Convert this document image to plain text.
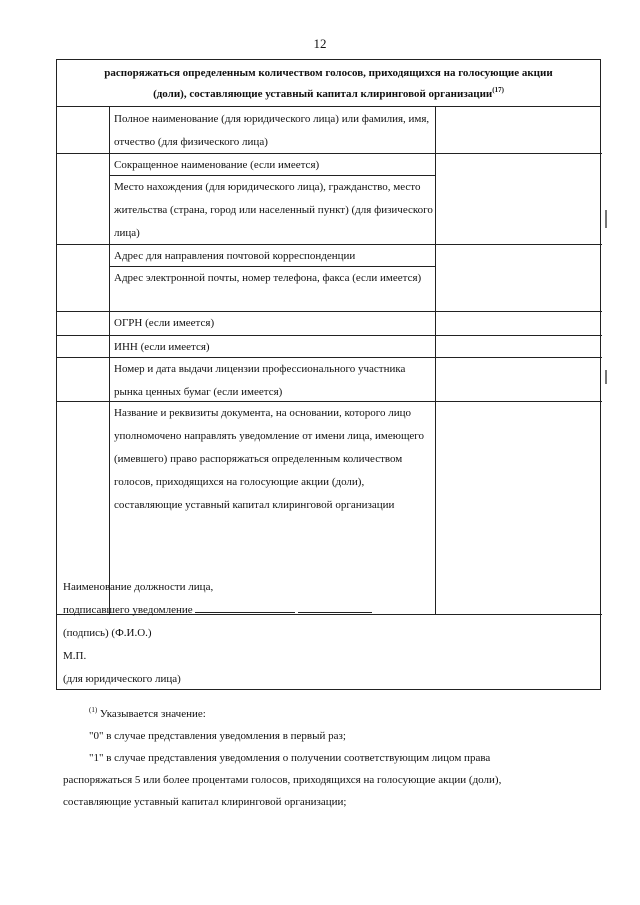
12
распоряжаться определенным количеством голосов, приходящихся на голосующие акции
(доли), составляющие уставный капитал клиринговой организации$^{(17)}$

Полное наименование (для юридического лица) или фамилия, имя, отчество (для физического лица)

Сокращенное наименование (если имеется)

Место нахождения (для юридического лица), гражданство, место жительства (страна, город или населенный пункт) (для физического лица)

Адрес для направления почтовой корреспонденции

Адрес электронной почты, номер телефона, факса (если имеется)

ОГРН (если имеется)

ИНН (если имеется)

Номер и дата выдачи лицензии профессионального участника рынка ценных бумаг (если имеется)

Название и реквизиты документа, на основании, которого лицо уполномочено направлять уведомление от имени лица, имеющего (имевшего) право распоряжаться определенным количеством голосов, приходящихся на голосующие акции (доли), составляющие уставный капитал клиринговой организации

Наименование должности лица,
подписавшего уведомление
(подпись) (Ф.И.О.)
М.П.
(для юридического лица)

$^{(1)}$ Указывается значение:

"0" в случае представления уведомления в первый раз;

"1" в случае представления уведомления о получении соответствующим лицом права

распоряжаться 5 или более процентами голосов, приходящихся на голосующие акции (доли),

составляющие уставный капитал клиринговой организации;
